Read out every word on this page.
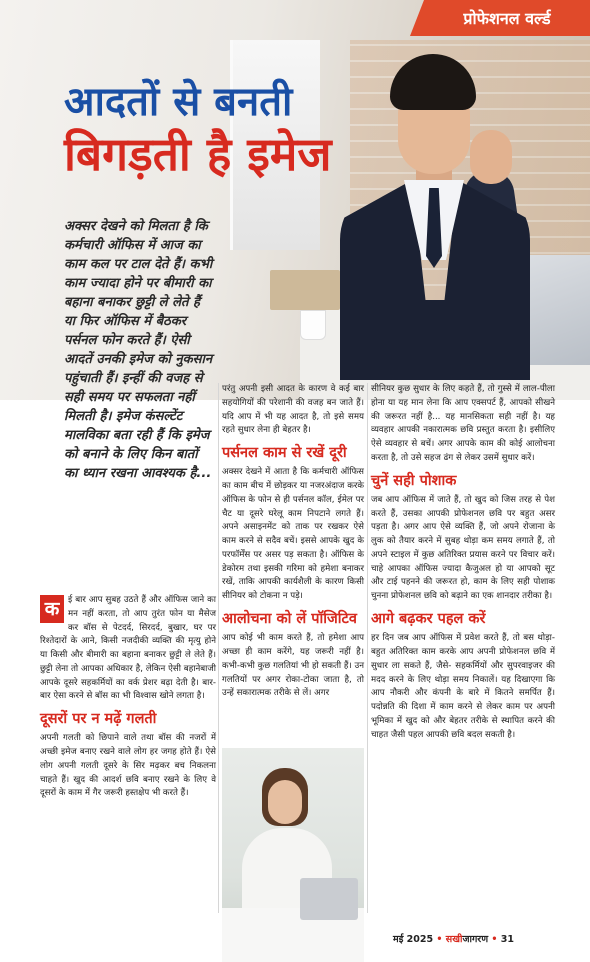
प्रोफेशनल वर्ल्ड
आदतों से बनती
बिगड़ती है इमेज
अक्सर देखने को मिलता है कि कर्मचारी ऑफिस में आज का काम कल पर टाल देते हैं। कभी काम ज्यादा होने पर बीमारी का बहाना बनाकर छुट्टी ले लेते हैं या फिर ऑफिस में बैठकर पर्सनल फोन करते हैं। ऐसी आदतें उनकी इमेज को नुकसान पहुंचाती हैं। इन्हीं की वजह से सही समय पर सफलता नहीं मिलती है। इमेज कंसल्टेंट मालविका बता रही हैं कि इमेज को बनाने के लिए किन बातों का ध्यान रखना आवश्यक है...
क	ई बार आप सुबह उठते हैं और ऑफिस जाने का मन नहीं करता, तो आप तुरंत फोन या मैसेज कर बॉस से पेटदर्द, सिरदर्द, बुखार, घर पर रिश्तेदारों के आने, किसी नजदीकी व्यक्ति की मृत्यु होने या किसी और बीमारी का बहाना बनाकर छुट्टी ले लेते हैं। छुट्टी लेना तो आपका अधिकार है, लेकिन ऐसी बहानेबाजी आपके दूसरे सहकर्मियों का वर्क प्रेशर बढ़ा देती है। बार-बार ऐसा करने से बॉस का भी विश्वास खोने लगता है।

दूसरों पर न मढ़ें गलती

अपनी गलती को छिपाने वाले तथा बॉस की नजरों में अच्छी इमेज बनाए रखने वाले लोग हर जगह होते हैं। ऐसे लोग अपनी गलती दूसरे के सिर मढ़कर बच निकलना चाहते हैं। खुद की आदर्श छवि बनाए रखने के लिए वे दूसरों के काम में गैर जरूरी हस्तक्षेप भी करते हैं।

परंतु अपनी इसी आदत के कारण वे कई बार सहयोगियों की परेशानी की वजह बन जाते हैं। यदि आप में भी यह आदत है, तो इसे समय रहते सुधार लेना ही बेहतर है।

पर्सनल काम से रखें दूरी

अक्सर देखने में आता है कि कर्मचारी ऑफिस का काम बीच में छोड़कर या नजरअंदाज करके ऑफिस के फोन से ही पर्सनल कॉल, ईमेल पर चैट या दूसरे घरेलू काम निपटाने लगते हैं। अपने असाइनमेंट को ताक पर रखकर ऐसे काम करने से सदैव बचें। इससे आपके खुद के परफॉर्मेंस पर असर पड़ सकता है। ऑफिस के डेकोरम तथा इसकी गरिमा को हमेशा बनाकर रखें, ताकि आपकी कार्यशैली के कारण किसी सीनियर को टोकना न पड़े।

आलोचना को लें पॉजिटिव

आप कोई भी काम करते हैं, तो हमेशा आप अच्छा ही काम करेंगे, यह जरूरी नहीं है। कभी-कभी कुछ गलतियां भी हो सकती हैं। उन गलतियों पर अगर रोका-टोका जाता है, तो उन्हें सकारात्मक तरीके से लें। अगर

सीनियर कुछ सुधार के लिए कहते हैं, तो गुस्से में लाल-पीला होना या यह मान लेना कि आप एक्सपर्ट हैं, आपको सीखने की जरूरत नहीं है... यह मानसिकता सही नहीं है। यह व्यवहार आपकी नकारात्मक छवि प्रस्तुत करता है। इसीलिए ऐसे व्यवहार से बचें। अगर आपके काम की कोई आलोचना करता है, तो उसे सहज ढंग से लेकर उसमें सुधार करें।

चुनें सही पोशाक

जब आप ऑफिस में जाते हैं, तो खुद को जिस तरह से पेश करते हैं, उसका आपकी प्रोफेशनल छवि पर बहुत असर पड़ता है। अगर आप ऐसे व्यक्ति हैं, जो अपने रोजाना के लुक को तैयार करने में सुबह थोड़ा कम समय लगाते हैं, तो अपने स्टाइल में कुछ अतिरिक्त प्रयास करने पर विचार करें। चाहे आपका ऑफिस ज्यादा कैजुअल हो या आपको सूट और टाई पहनने की जरूरत हो, काम के लिए सही पोशाक चुनना प्रोफेशनल छवि को बढ़ाने का एक शानदार तरीका है।

आगे बढ़कर पहल करें

हर दिन जब आप ऑफिस में प्रवेश करते हैं, तो बस थोड़ा-बहुत अतिरिक्त काम करके आप अपनी प्रोफेशनल छवि में सुधार ला सकते हैं, जैसे- सहकर्मियों और सुपरवाइजर की मदद करने के लिए थोड़ा समय निकालें। यह दिखाएगा कि आप नौकरी और कंपनी के बारे में कितने समर्पित हैं। पदोन्नति की दिशा में काम करने से लेकर काम पर अपनी भूमिका में खुद को और बेहतर तरीके से स्थापित करने की चाहत जैसी पहल आपकी छवि बदल सकती है।

मई 2025 • सखीजागरण • 31
